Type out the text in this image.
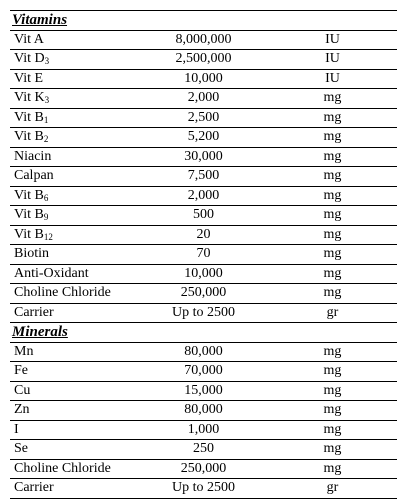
Vitamins		
Vit A	8,000,000	IU
Vit $D_3$	2,500,000	IU
Vit E	10,000	IU
Vit $K_3$	2,000	mg
Vit $B_1$	2,500	mg
Vit $B_2$	5,200	mg
Niacin	30,000	mg
Calpan	7,500	mg
Vit $B_6$	2,000	mg
Vit $B_9$	500	mg
Vit $B_{12}$	20	mg
Biotin	70	mg
Anti-Oxidant	10,000	mg
Choline Chloride	250,000	mg
Carrier	Up to 2500	gr
Minerals		
Mn	80,000	mg
Fe	70,000	mg
Cu	15,000	mg
Zn	80,000	mg
I	1,000	mg
Se	250	mg
Choline Chloride	250,000	mg
Carrier	Up to 2500	gr
